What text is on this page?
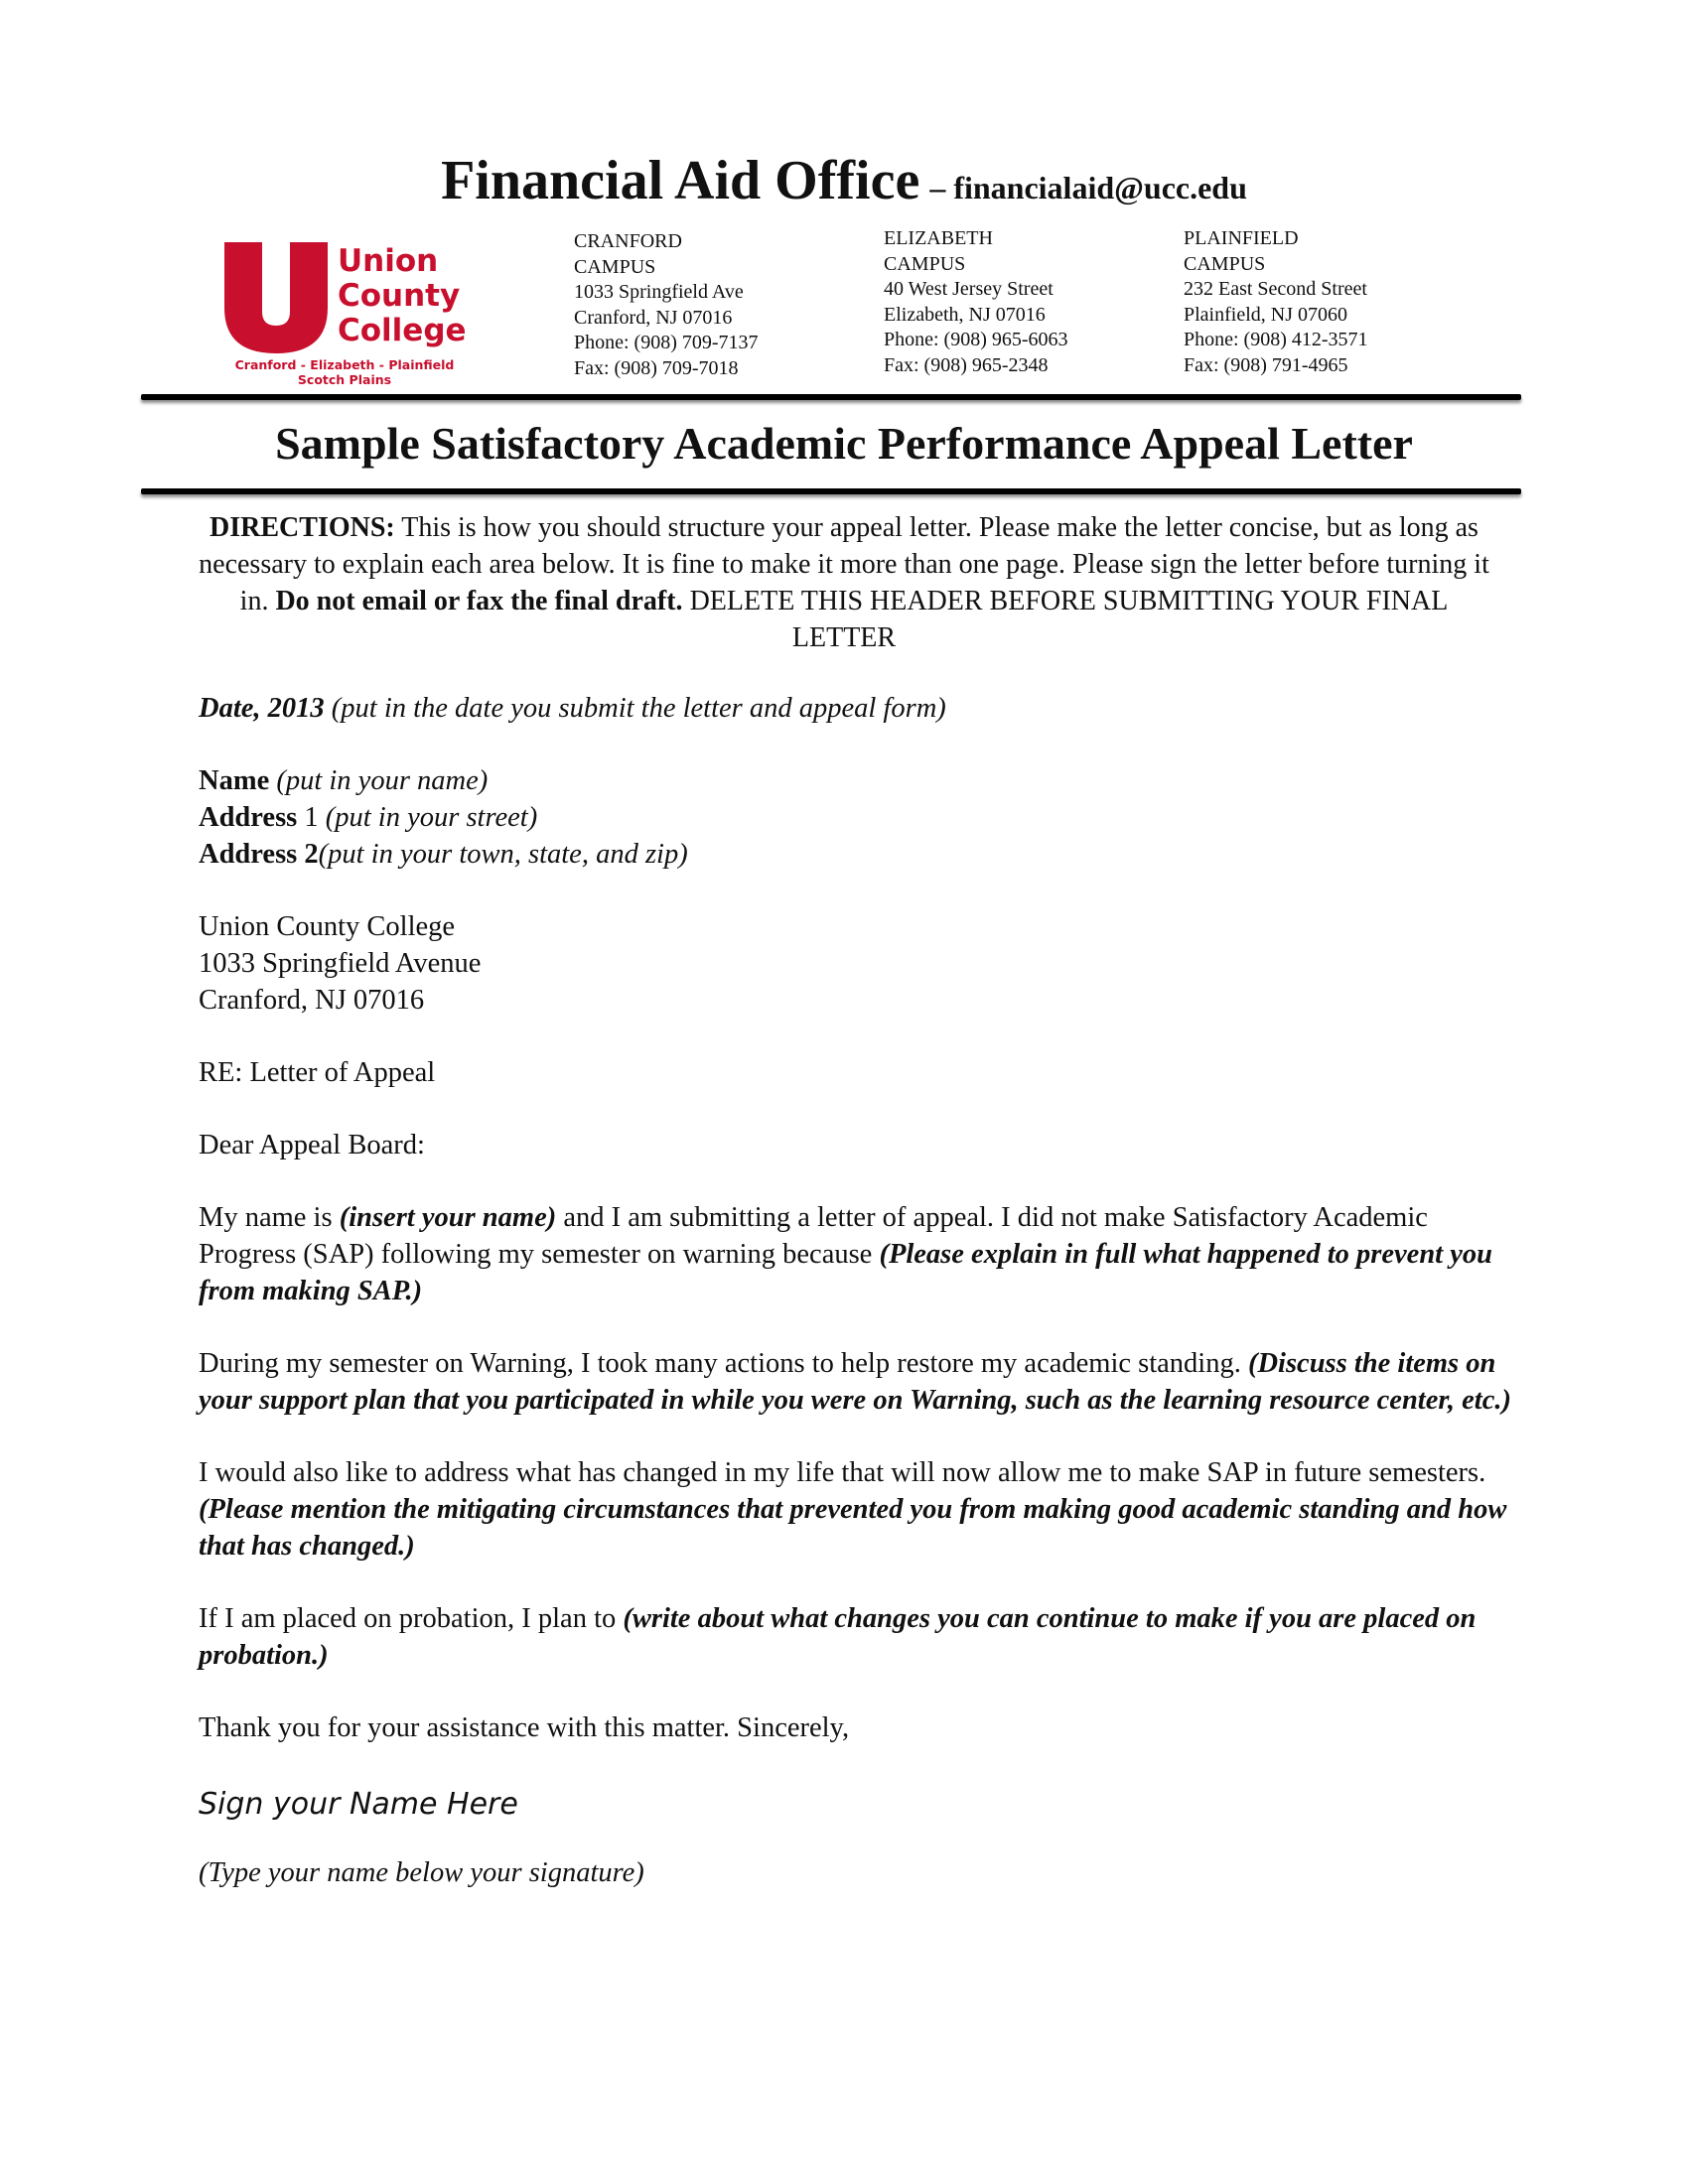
Financial Aid Office – financialaid@ucc.edu
Union
County
College
Cranford - Elizabeth - Plainfield
Scotch Plains
CRANFORD
CAMPUS
1033 Springfield Ave
Cranford, NJ 07016
Phone: (908) 709-7137
Fax: (908) 709-7018
ELIZABETH
CAMPUS
40 West Jersey Street
Elizabeth, NJ 07016
Phone: (908) 965-6063
Fax: (908) 965-2348
PLAINFIELD
CAMPUS
232 East Second Street
Plainfield, NJ 07060
Phone: (908) 412-3571
Fax: (908) 791-4965
Sample Satisfactory Academic Performance Appeal Letter
DIRECTIONS: This is how you should structure your appeal letter. Please make the letter concise, but as long as necessary to explain each area below. It is fine to make it more than one page. Please sign the letter before turning it in. Do not email or fax the final draft. DELETE THIS HEADER BEFORE SUBMITTING YOUR FINAL LETTER

Date, 2013 (put in the date you submit the letter and appeal form)

Name (put in your name)

Address 1 (put in your street)

Address 2(put in your town, state, and zip)

Union County College

1033 Springfield Avenue

Cranford, NJ 07016

RE: Letter of Appeal

Dear Appeal Board:

My name is (insert your name) and I am submitting a letter of appeal. I did not make Satisfactory Academic Progress (SAP) following my semester on warning because (Please explain in full what happened to prevent you from making SAP.)

During my semester on Warning, I took many actions to help restore my academic standing. (Discuss the items on your support plan that you participated in while you were on Warning, such as the learning resource center, etc.)

I would also like to address what has changed in my life that will now allow me to make SAP in future semesters. (Please mention the mitigating circumstances that prevented you from making good academic standing and how that has changed.)

If I am placed on probation, I plan to (write about what changes you can continue to make if you are placed on probation.)

Thank you for your assistance with this matter. Sincerely,

Sign your Name Here

(Type your name below your signature)
